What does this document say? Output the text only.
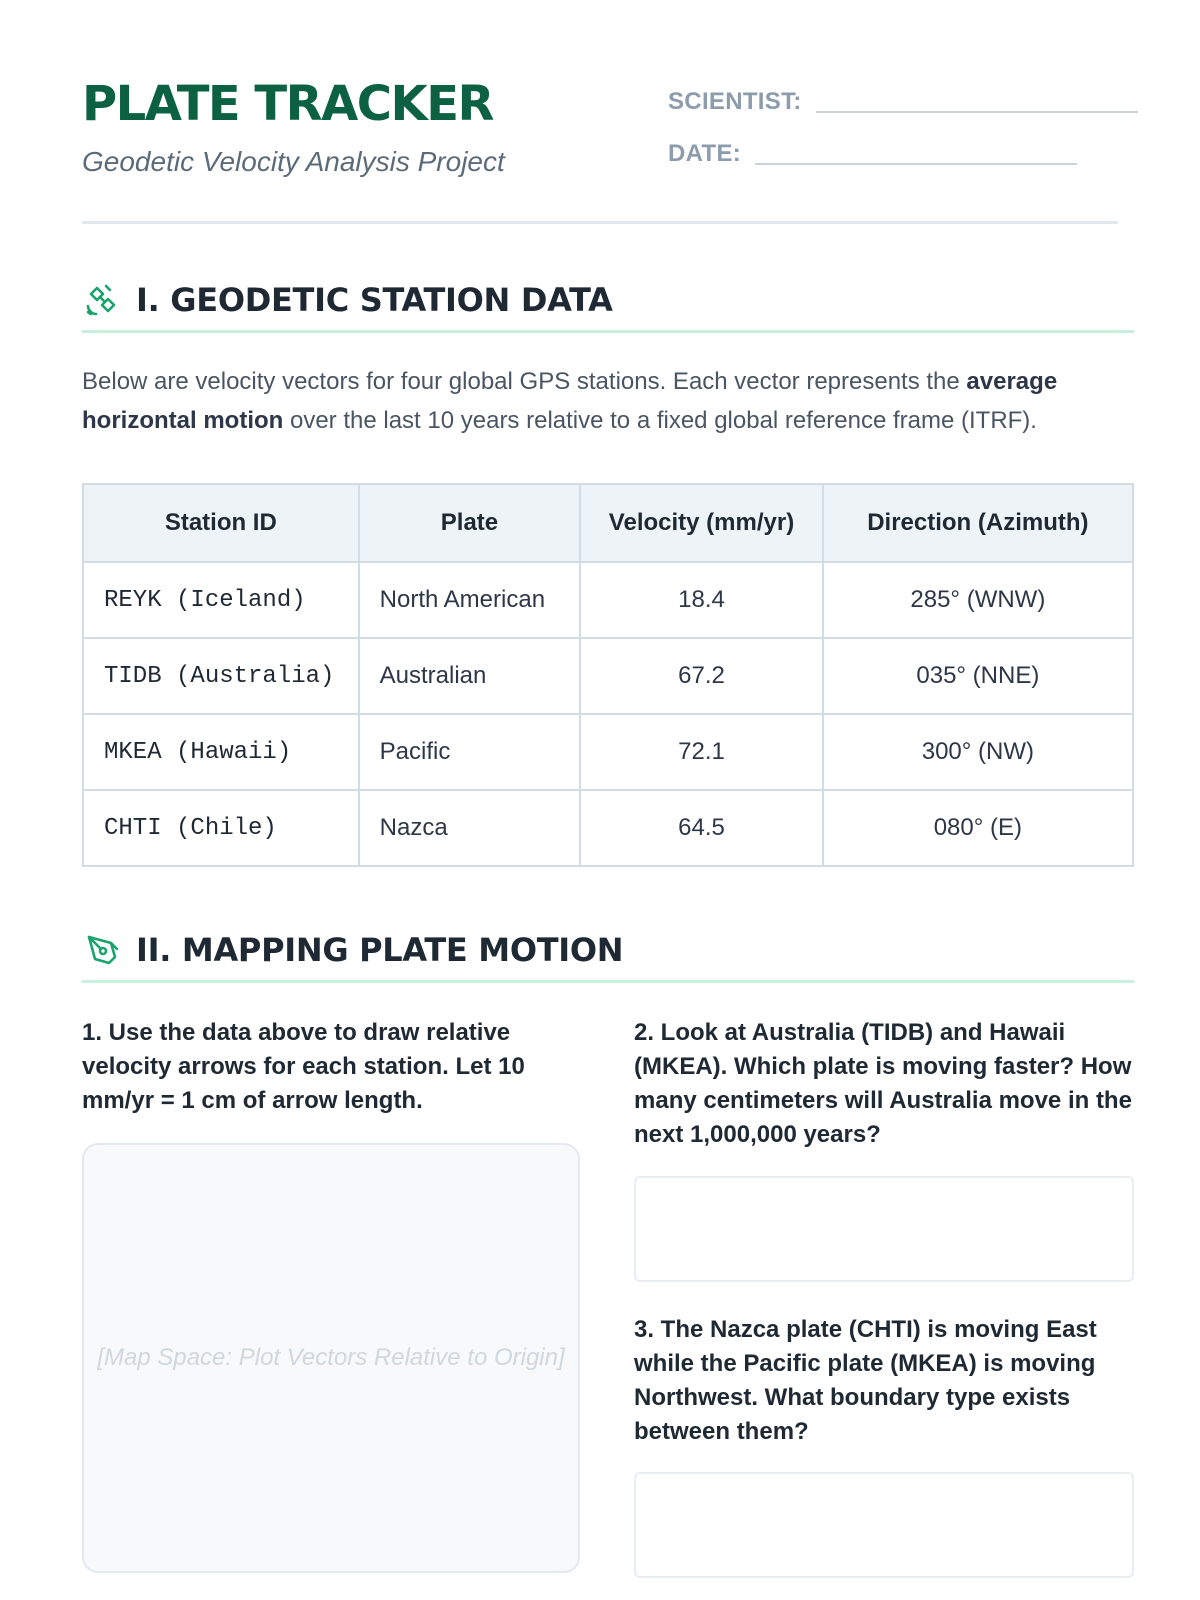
PLATE TRACKER
Geodetic Velocity Analysis Project
SCIENTIST:
DATE:
I. GEODETIC STATION DATA

Below are velocity vectors for four global GPS stations. Each vector represents the average horizontal motion over the last 10 years relative to a fixed global reference frame (ITRF).

Station ID	Plate	Velocity (mm/yr)	Direction (Azimuth)
REYK (Iceland)	North American	18.4	285° (WNW)
TIDB (Australia)	Australian	67.2	035° (NNE)
MKEA (Hawaii)	Pacific	72.1	300° (NW)
CHTI (Chile)	Nazca	64.5	080° (E)
II. MAPPING PLATE MOTION

1. Use the data above to draw relative velocity arrows for each station. Let 10 mm/yr = 1 cm of arrow length.

[Map Space: Plot Vectors Relative to Origin]

2. Look at Australia (TIDB) and Hawaii (MKEA). Which plate is moving faster? How many centimeters will Australia move in the next 1,000,000 years?

3. The Nazca plate (CHTI) is moving East while the Pacific plate (MKEA) is moving Northwest. What boundary type exists between them?
